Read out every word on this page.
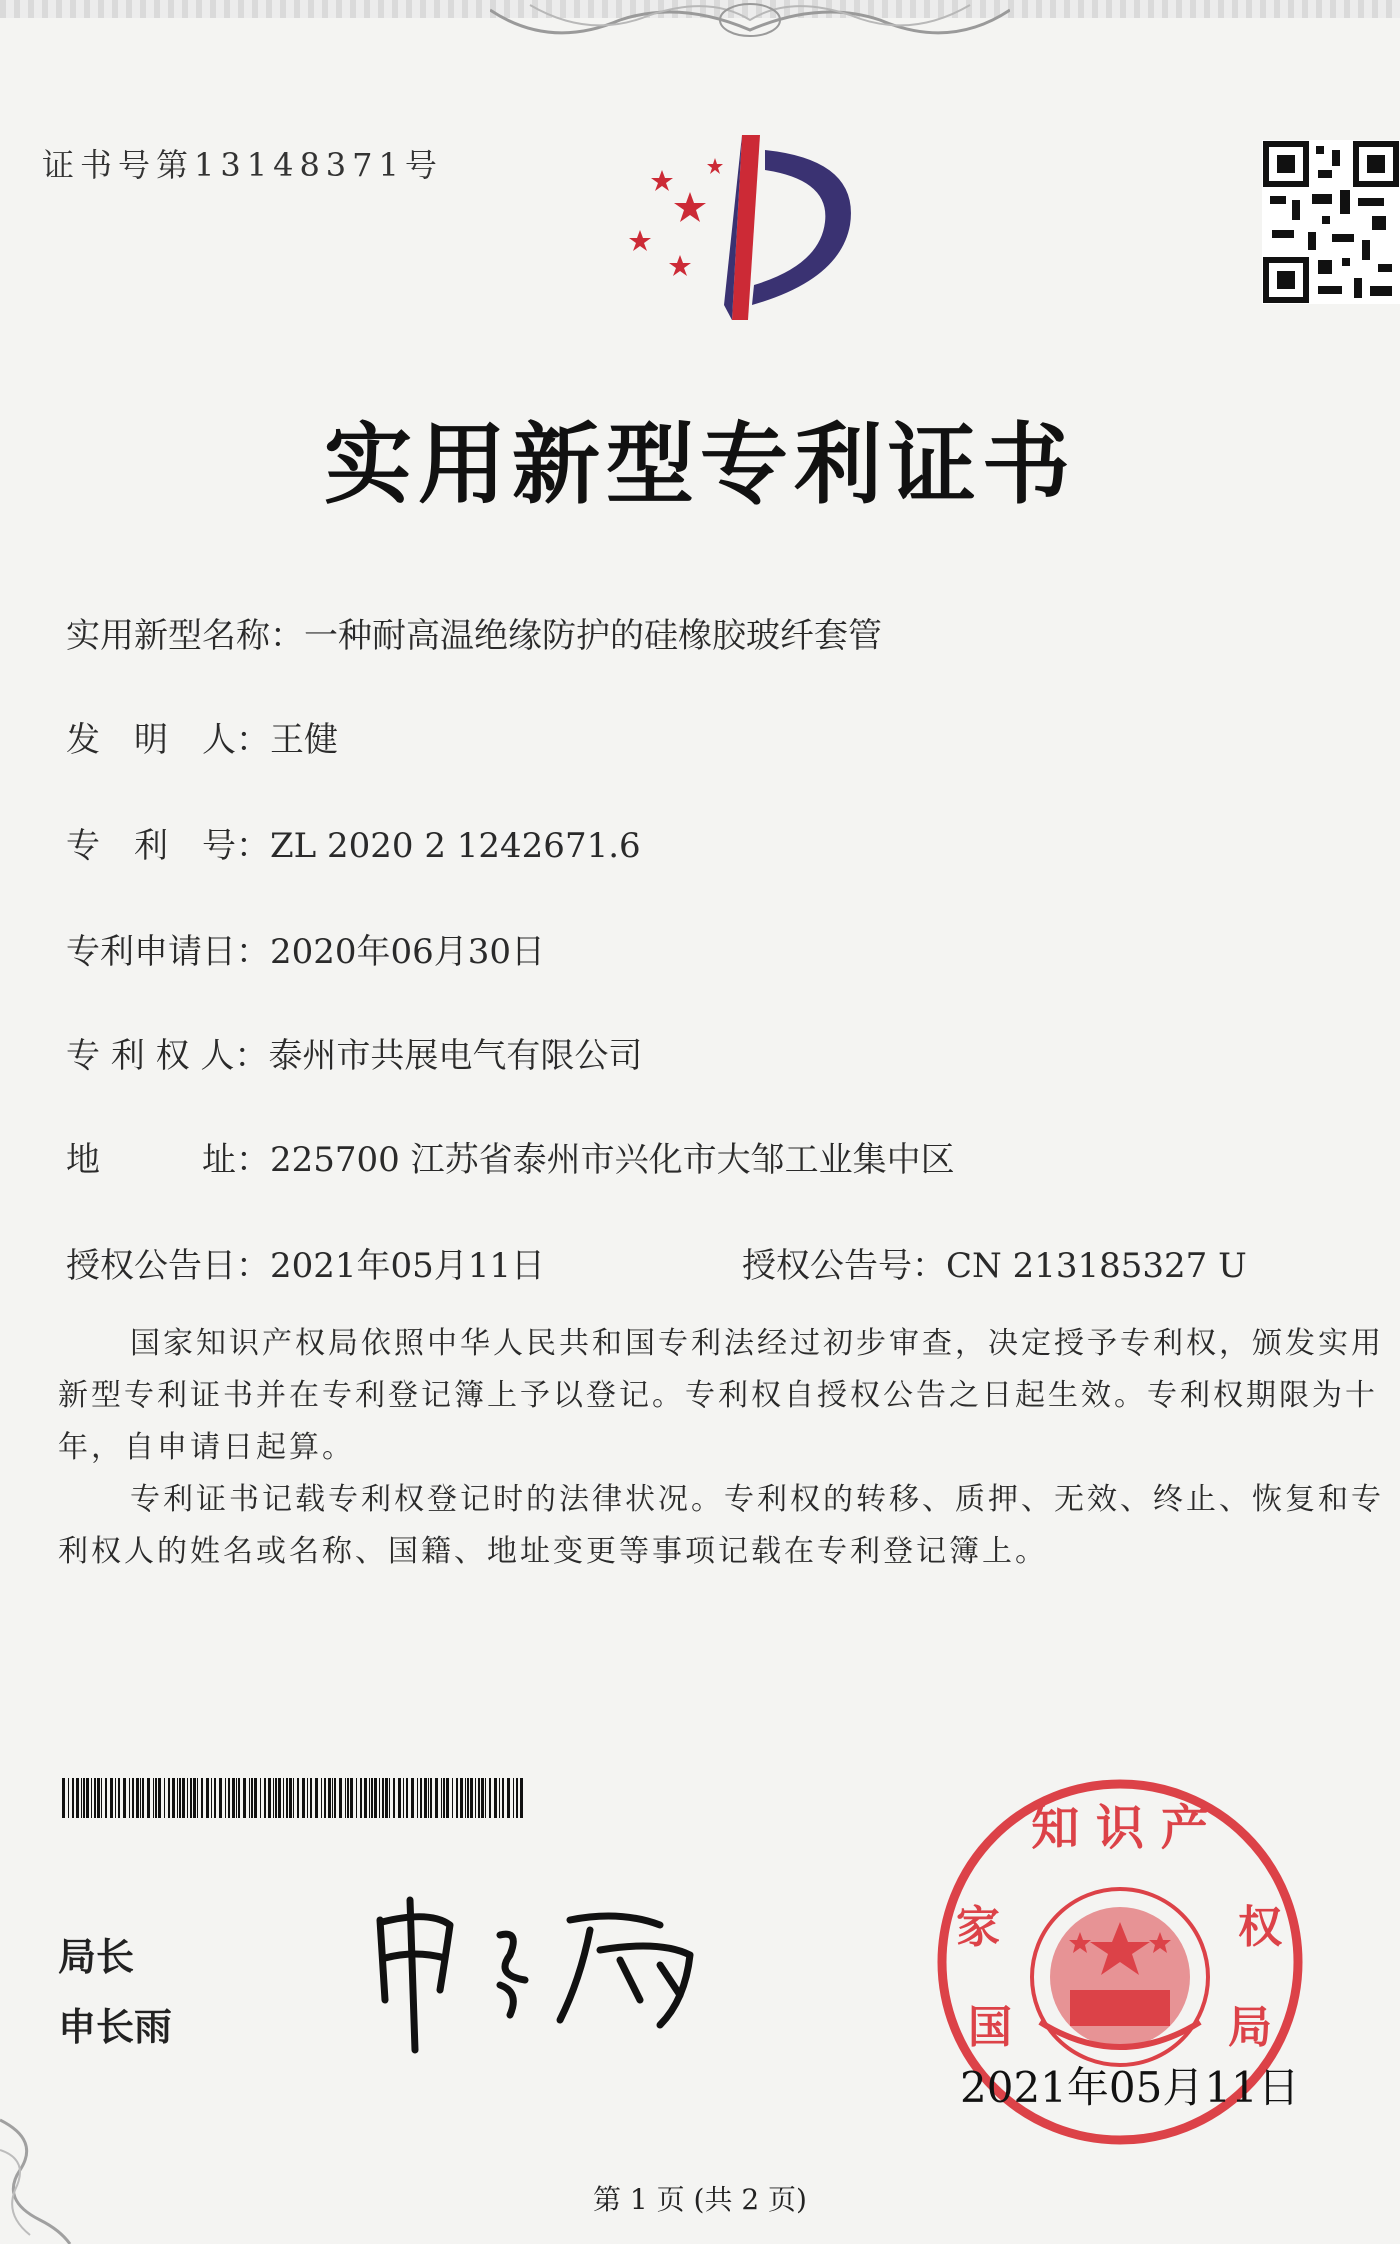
证书号第13148371号
实用新型专利证书
实用新型名称：一种耐高温绝缘防护的硅橡胶玻纤套管
发　明　人：王健
专　利　号：ZL 2020 2 1242671.6
专利申请日：2020年06月30日
专 利 权 人：泰州市共展电气有限公司
地　　　址：225700 江苏省泰州市兴化市大邹工业集中区
授权公告日：2021年05月11日	授权公告号：CN 213185327 U

国家知识产权局依照中华人民共和国专利法经过初步审查，决定授予专利权，颁发实用新型专利证书并在专利登记簿上予以登记。专利权自授权公告之日起生效。专利权期限为十年，自申请日起算。

专利证书记载专利权登记时的法律状况。专利权的转移、质押、无效、终止、恢复和专利权人的姓名或名称、国籍、地址变更等事项记载在专利登记簿上。

局长
申长雨
知 识 产
家
国
权
局
2021年05月11日
第 1 页 (共 2 页)
